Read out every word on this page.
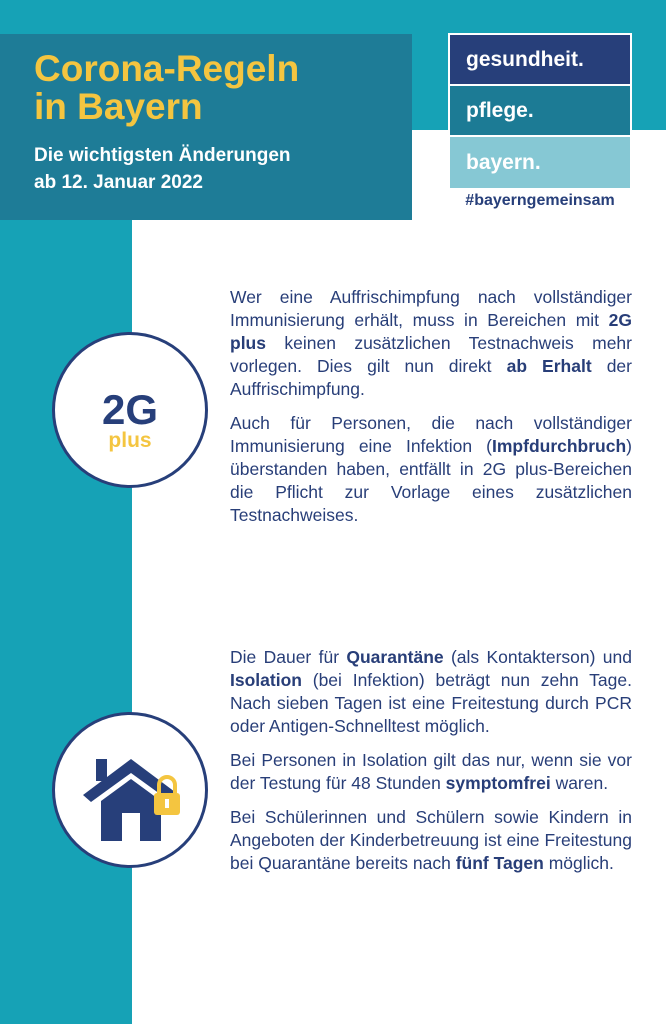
Corona-Regeln
in Bayern
Die wichtigsten Änderungen
ab 12. Januar 2022
gesundheit.
pflege.
bayern.
#bayerngemeinsam
2G
plus

Wer eine Auffrischimpfung nach vollständiger Immunisierung erhält, muss in Bereichen mit 2G plus keinen zusätzlichen Testnachweis mehr vorlegen. Dies gilt nun direkt ab Erhalt der Auffrischimpfung.

Auch für Personen, die nach vollständiger Immunisierung eine Infektion (Impfdurchbruch) überstanden haben, entfällt in 2G plus-Bereichen die Pflicht zur Vorlage eines zusätzlichen Testnachweises.

Die Dauer für Quarantäne (als Kontakterson) und Isolation (bei Infektion) beträgt nun zehn Tage. Nach sieben Tagen ist eine Freitestung durch PCR oder Antigen-Schnelltest möglich.

Bei Personen in Isolation gilt das nur, wenn sie vor der Testung für 48 Stunden symptomfrei waren.

Bei Schülerinnen und Schülern sowie Kindern in Angeboten der Kinderbetreuung ist eine Freitestung bei Quarantäne bereits nach fünf Tagen möglich.
